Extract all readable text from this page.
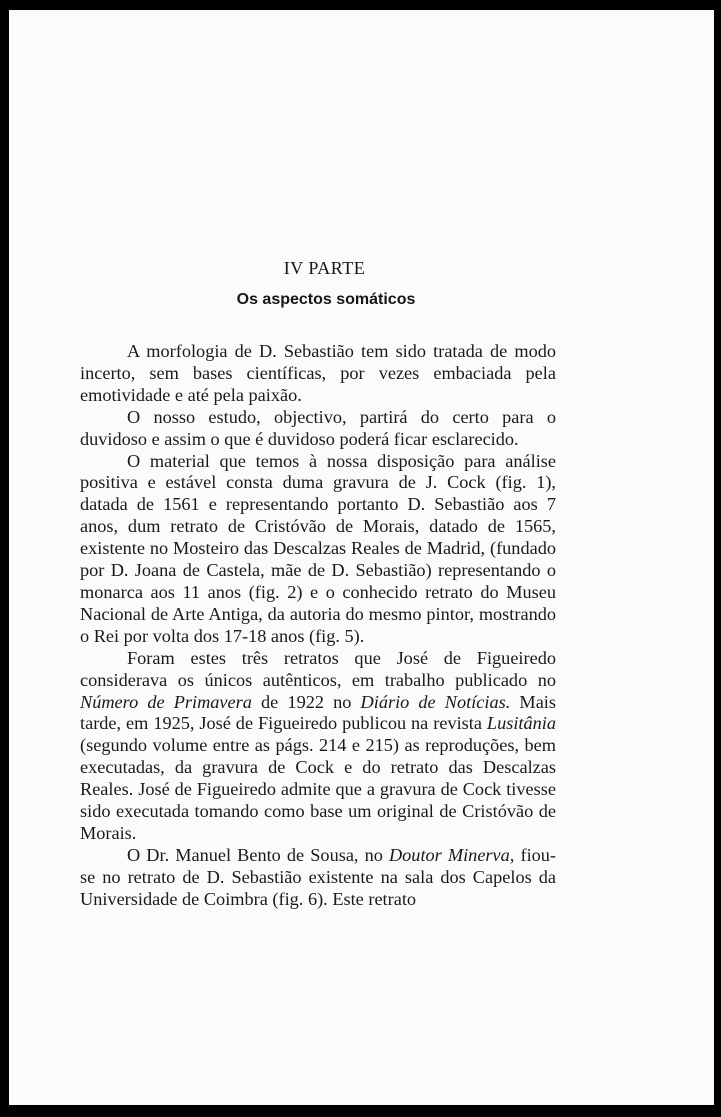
IV PARTE
Os aspectos somáticos

A morfologia de D. Sebastião tem sido tratada de modo incerto, sem bases científicas, por vezes embaciada pela emotividade e até pela paixão.

O nosso estudo, objectivo, partirá do certo para o duvidoso e assim o que é duvidoso poderá ficar esclarecido.

O material que temos à nossa disposição para análise positiva e estável consta duma gravura de J. Cock (fig. 1), datada de 1561 e representando portanto D. Sebastião aos 7 anos, dum retrato de Cristóvão de Morais, datado de 1565, existente no Mosteiro das Descalzas Reales de Madrid, (fundado por D. Joana de Castela, mãe de D. Sebastião) representando o monarca aos 11 anos (fig. 2) e o conhecido retrato do Museu Nacional de Arte Antiga, da autoria do mesmo pintor, mostrando o Rei por volta dos 17-18 anos (fig. 5).

Foram estes três retratos que José de Figueiredo considerava os únicos autênticos, em trabalho publicado no Número de Primavera de 1922 no Diário de Notícias. Mais tarde, em 1925, José de Figueiredo publicou na revista Lusitânia (segundo volume entre as págs. 214 e 215) as reproduções, bem executadas, da gravura de Cock e do retrato das Descalzas Reales. José de Figueiredo admite que a gravura de Cock tivesse sido executada tomando como base um original de Cristóvão de Morais.

O Dr. Manuel Bento de Sousa, no Doutor Minerva, fiou-se no retrato de D. Sebastião existente na sala dos Capelos da Universidade de Coimbra (fig. 6). Este retrato
